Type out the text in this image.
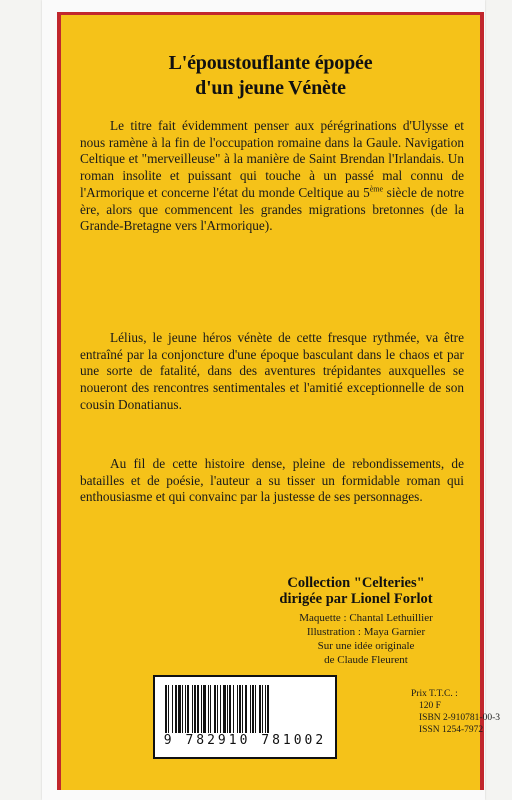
L'époustouflante épopée
d'un jeune Vénète
Le titre fait évidemment penser aux pérégrinations d'Ulysse et nous ramène à la fin de l'occupation romaine dans la Gaule. Navigation Celtique et "merveilleuse" à la manière de Saint Brendan l'Irlandais. Un roman insolite et puissant qui touche à un passé mal connu de l'Armorique et concerne l'état du monde Celtique au 5ème siècle de notre ère, alors que commencent les grandes migrations bretonnes (de la Grande-Bretagne vers l'Armorique).
Lélius, le jeune héros vénète de cette fresque rythmée, va être entraîné par la conjoncture d'une époque basculant dans le chaos et par une sorte de fatalité, dans des aventures trépidantes auxquelles se noueront des rencontres sentimentales et l'amitié exceptionnelle de son cousin Donatianus.
Au fil de cette histoire dense, pleine de rebondissements, de batailles et de poésie, l'auteur a su tisser un formidable roman qui enthousiasme et qui convainc par la justesse de ses personnages.
Collection "Celteries"
dirigée par Lionel Forlot
Maquette : Chantal Lethuillier
Illustration : Maya Garnier
Sur une idée originale
de Claude Fleurent
9 782910 781002
Prix T.T.C. :
120 F
ISBN 2-910781-00-3
ISSN 1254-7972
